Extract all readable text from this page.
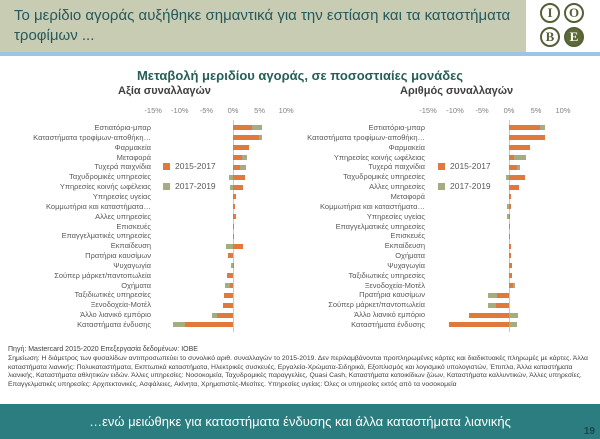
Το μερίδιο αγοράς αυξήθηκε σημαντικά για την εστίαση και τα καταστήματα τροφίμων ...
I	O
B	E
Μεταβολή μεριδίου αγοράς, σε ποσοστιαίες μονάδες
Αξία συναλλαγών	Αριθμός συναλλαγών
-15% -10% -5% 0% 5% 10%
Εστιατόρια-μπαρ
Καταστήματα τροφίμων-αποθήκη…
Φαρμακεία
Μεταφορά
Τυχερά παιχνίδια
Ταχυδρομικές υπηρεσίες
Υπηρεσίες κοινής ωφέλειας
Υπηρεσίες υγείας
Κομμωτήρια και καταστήματα…
Αλλες υπηρεσίες
Επισκευές
Επαγγελματικές υπηρεσίες
Εκπαίδευση
Πρατήρια καυσίμων
Ψυχαγωγία
Σούπερ μάρκετ/παντοπωλεία
Οχήματα
Ταξιδιωτικές υπηρεσίες
Ξενοδοχεία-Μοτέλ
Άλλο λιανικό εμπόριο
Καταστήματα ένδυσης
-15% -10% -5% 0% 5% 10%
Εστιατόρια-μπαρ
Καταστήματα τροφίμων-αποθήκη…
Φαρμακεία
Υπηρεσίες κοινής ωφέλειας
Τυχερά παιχνίδια
Ταχυδρομικές υπηρεσίες
Αλλες υπηρεσίες
Μεταφορά
Κομμωτήρια και καταστήματα…
Υπηρεσίες υγείας
Επαγγελματικές υπηρεσίες
Επισκευές
Εκπαίδευση
Οχήματα
Ψυχαγωγία
Ταξιδιωτικές υπηρεσίες
Ξενοδοχεία-Μοτέλ
Πρατήρια καυσίμων
Σούπερ μάρκετ/παντοπωλεία
Άλλο λιανικό εμπόριο
Καταστήματα ένδυσης
2015-2017
2017-2019
2015-2017
2017-2019
Πηγή: Mastercard 2015-2020 Επεξεργασία δεδομένων: ΙΟΒΕ
Σημείωση: Η διάμετρος των φυσαλίδων αντιπροσωπεύει το συνολικό αριθ. συναλλαγών το 2015-2019. Δεν περιλαμβάνονται προπληρωμένες κάρτες και διαδικτυακές πληρωμές με κάρτες. Άλλα καταστήματα λιανικής: Πολυκαταστήματα, Εκπτωτικά καταστήματα, Ηλεκτρικές συσκευές, Εργαλεία-Χρώματα-Σιδηρικά, Εξοπλισμός και λογισμικό υπολογιστών, Έπιπλα, Άλλα καταστήματα λιανικής, Καταστήματα αθλητικών ειδών. Άλλες υπηρεσίες: Νοσοκομεία, Ταχυδρομικές παραγγελίες, Quasi Cash, Καταστήματα κατοικίδιων ζώων, Καταστήματα καλλυντικών, Άλλες υπηρεσίες. Επαγγελματικές υπηρεσίες: Αρχιτεκτονικές, Ασφάλειες, Ακίνητα, Χρηματιστές-Μεσίτες. Υπηρεσίες υγείας: Όλες οι υπηρεσίες εκτός από τα νοσοκομεία
…ενώ μειώθηκε για καταστήματα ένδυσης και άλλα καταστήματα λιανικής
19
